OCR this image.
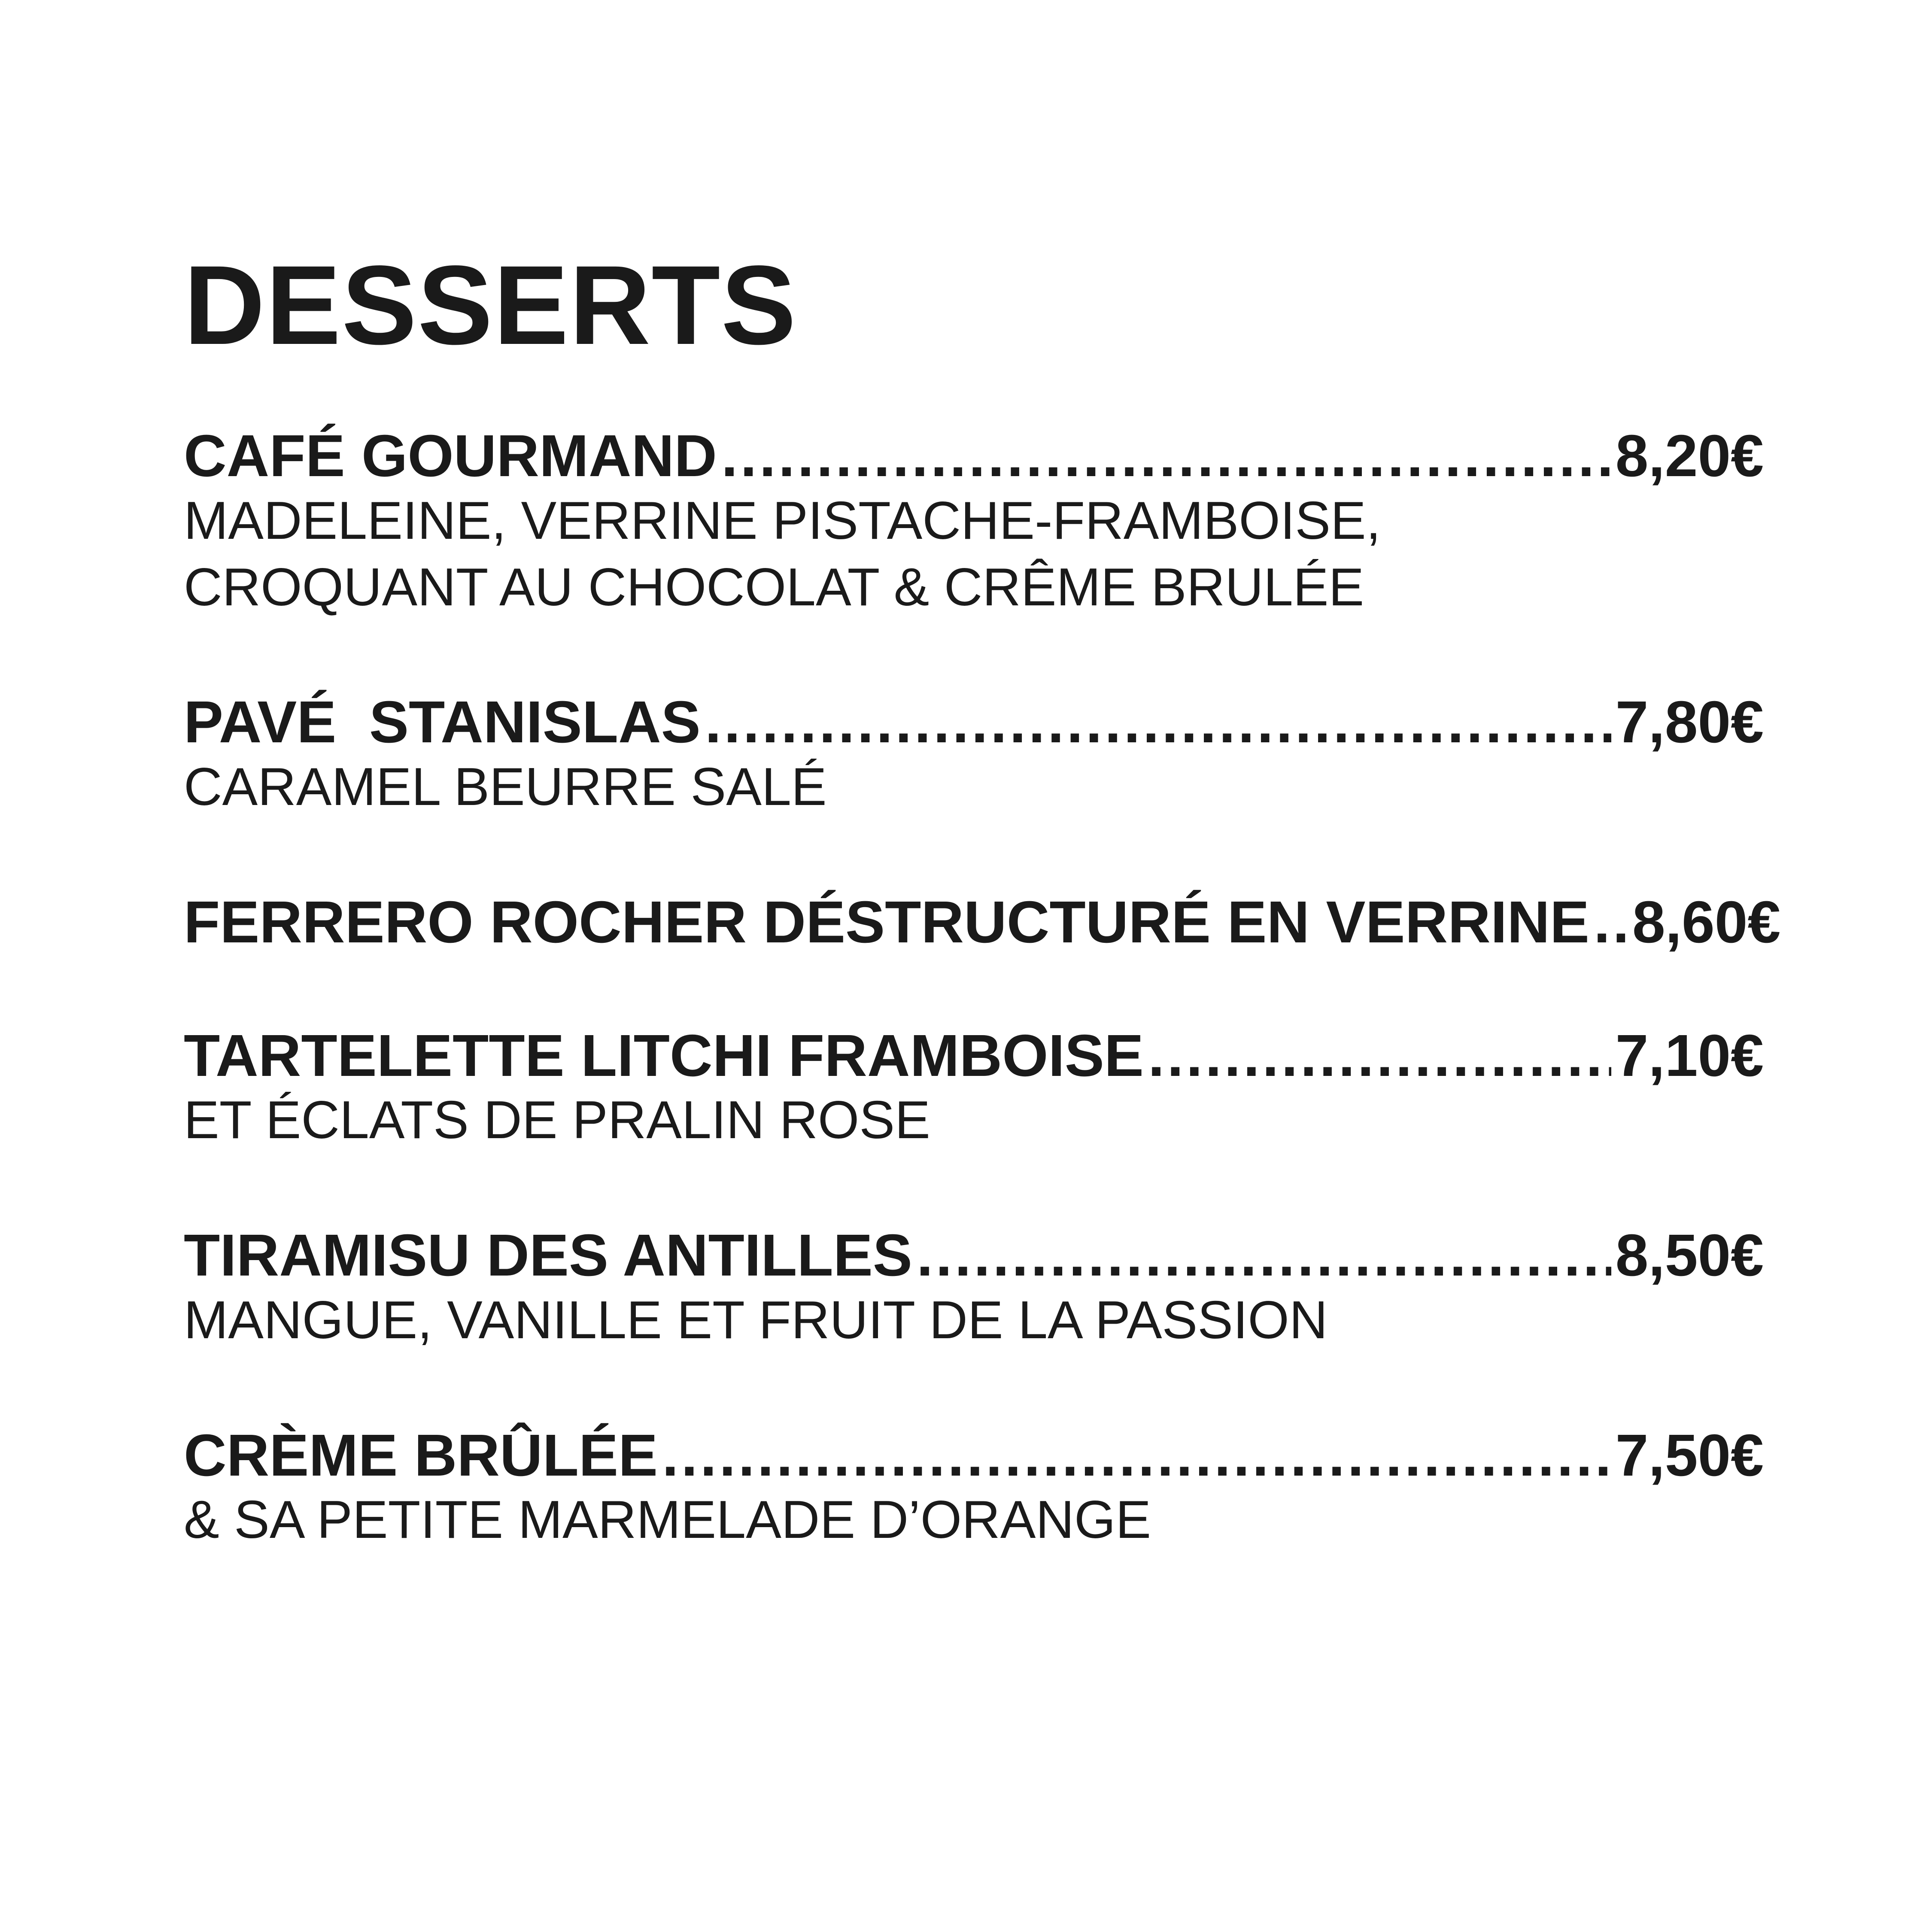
DESSERTS
CAFÉ GOURMAND .....	8,20€
MADELEINE, VERRINE PISTACHE-FRAMBOISE,
CROQUANT AU CHOCOLAT & CRÊME BRULÉE
PAVÉ  STANISLAS .....	7,80€
CARAMEL BEURRE SALÉ
FERRERO ROCHER DÉSTRUCTURÉ EN VERRINE ..... 8,60€
TARTELETTE LITCHI FRAMBOISE .....	7,10€
ET ÉCLATS DE PRALIN ROSE
TIRAMISU DES ANTILLES .....	8,50€
MANGUE, VANILLE ET FRUIT DE LA PASSION
CRÈME BRÛLÉE .....	7,50€
& SA PETITE MARMELADE D’ORANGE
